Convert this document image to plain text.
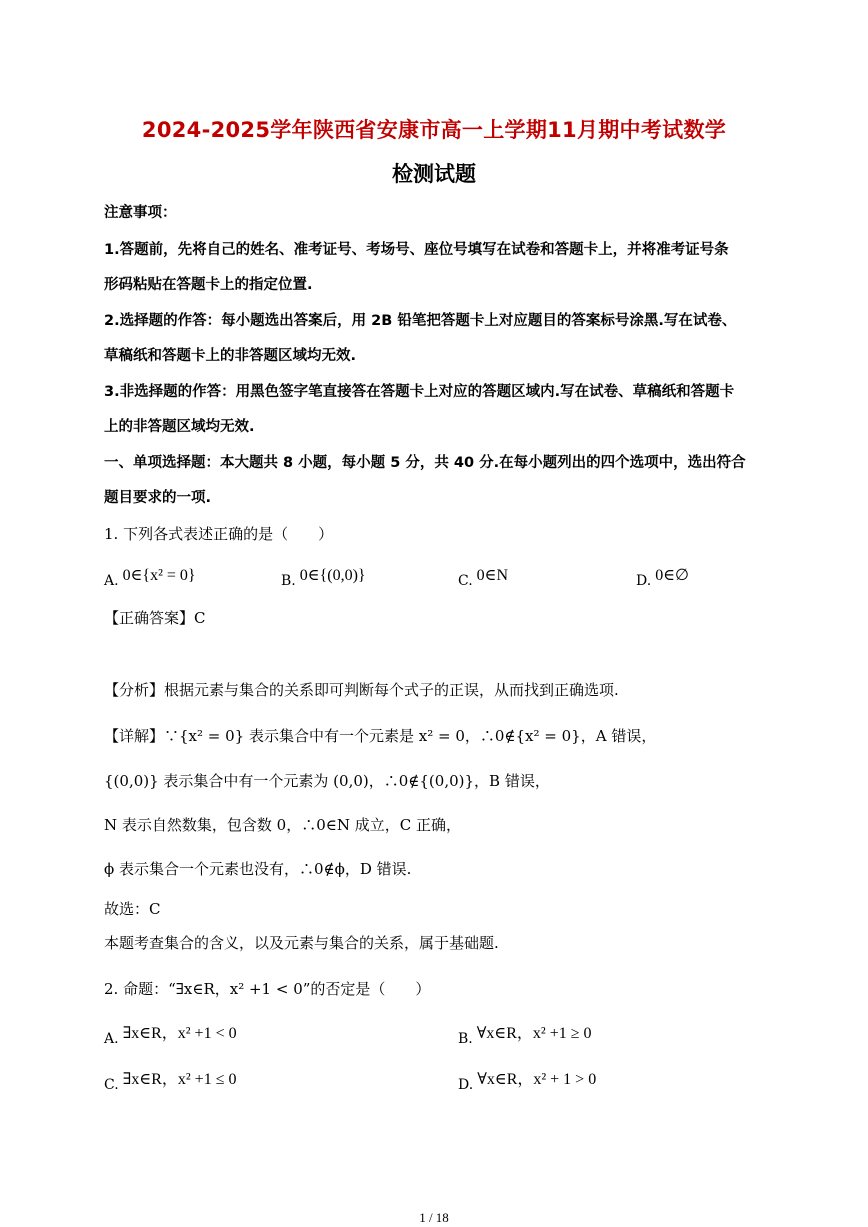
2024-2025学年陕西省安康市高一上学期11月期中考试数学
检测试题
注意事项：
1.答题前，先将自己的姓名、准考证号、考场号、座位号填写在试卷和答题卡上，并将准考证号条
形码粘贴在答题卡上的指定位置.
2.选择题的作答：每小题选出答案后，用 2B 铅笔把答题卡上对应题目的答案标号涂黑.写在试卷、
草稿纸和答题卡上的非答题区域均无效.
3.非选择题的作答：用黑色签字笔直接答在答题卡上对应的答题区域内.写在试卷、草稿纸和答题卡
上的非答题区域均无效.
一、单项选择题：本大题共 8 小题，每小题 5 分，共 40 分.在每小题列出的四个选项中，选出符合
题目要求的一项.
1. 下列各式表述正确的是（　　）
A. 0∈{x² = 0}	B. 0∈{(0,0)}	C. 0∈N	D. 0∈∅
【正确答案】C
【分析】根据元素与集合的关系即可判断每个式子的正误，从而找到正确选项.
【详解】∵{x² = 0} 表示集合中有一个元素是 x² = 0，∴0∉{x² = 0}，A 错误，
{(0,0)} 表示集合中有一个元素为 (0,0)，∴0∉{(0,0)}，B 错误，
N 表示自然数集，包含数 0，∴0∈N 成立，C 正确，
ϕ 表示集合一个元素也没有，∴0∉ϕ，D 错误.
故选：C
本题考查集合的含义，以及元素与集合的关系，属于基础题.
2. 命题：“∃x∈R，x² +1 < 0”的否定是（　　）
A. ∃x∈R，x² +1 < 0	B. ∀x∈R，x² +1 ≥ 0
C. ∃x∈R，x² +1 ≤ 0	D. ∀x∈R，x² + 1 > 0
1 / 18
